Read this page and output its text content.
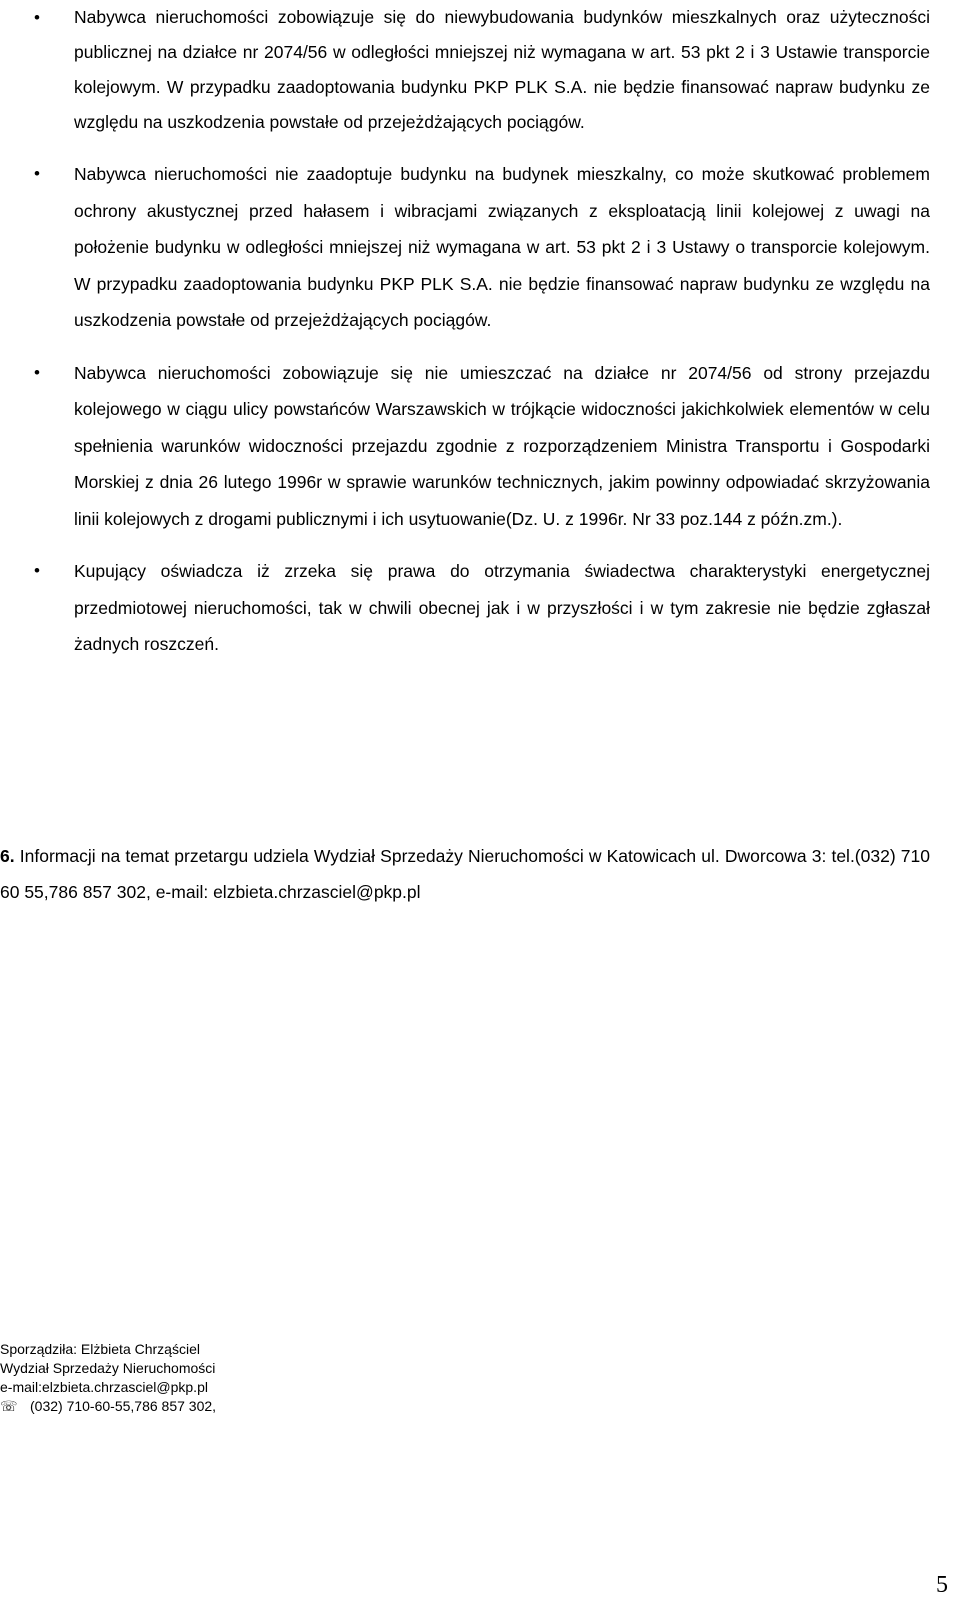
• Nabywca nieruchomości zobowiązuje się do niewybudowania budynków mieszkalnych oraz użyteczności publicznej na działce nr 2074/56 w odległości mniejszej niż wymagana w art. 53 pkt 2 i 3 Ustawie transporcie kolejowym. W przypadku zaadoptowania budynku PKP PLK S.A. nie będzie finansować napraw budynku ze względu na uszkodzenia powstałe od przejeżdżających pociągów.
• Nabywca nieruchomości nie zaadoptuje budynku na budynek mieszkalny, co może skutkować problemem ochrony akustycznej przed hałasem i wibracjami związanych z eksploatacją linii kolejowej z uwagi na położenie budynku w odległości mniejszej niż wymagana w art. 53 pkt 2 i 3 Ustawy o transporcie kolejowym. W przypadku zaadoptowania budynku PKP PLK S.A. nie będzie finansować napraw budynku ze względu na uszkodzenia powstałe od przejeżdżających pociągów.
• Nabywca nieruchomości zobowiązuje się nie umieszczać na działce nr 2074/56 od strony przejazdu kolejowego w ciągu ulicy powstańców Warszawskich w trójkącie widoczności jakichkolwiek elementów w celu spełnienia warunków widoczności przejazdu zgodnie z rozporządzeniem Ministra Transportu i Gospodarki Morskiej z dnia 26 lutego 1996r w sprawie warunków technicznych, jakim powinny odpowiadać skrzyżowania linii kolejowych z drogami publicznymi i ich usytuowanie(Dz. U. z 1996r. Nr 33 poz.144 z późn.zm.).
• Kupujący oświadcza iż zrzeka się prawa do otrzymania świadectwa charakterystyki energetycznej przedmiotowej nieruchomości, tak w chwili obecnej jak i w przyszłości i w tym zakresie nie będzie zgłaszał żadnych roszczeń.

6. Informacji na temat przetargu udziela Wydział Sprzedaży Nieruchomości w Katowicach ul. Dworcowa 3: tel.(032) 710 60 55,786 857 302, e-mail: elzbieta.chrzasciel@pkp.pl

Sporządziła: Elżbieta Chrząściel
Wydział Sprzedaży Nieruchomości
e-mail:elzbieta.chrzasciel@pkp.pl
☏ (032) 710-60-55,786 857 302,
5
